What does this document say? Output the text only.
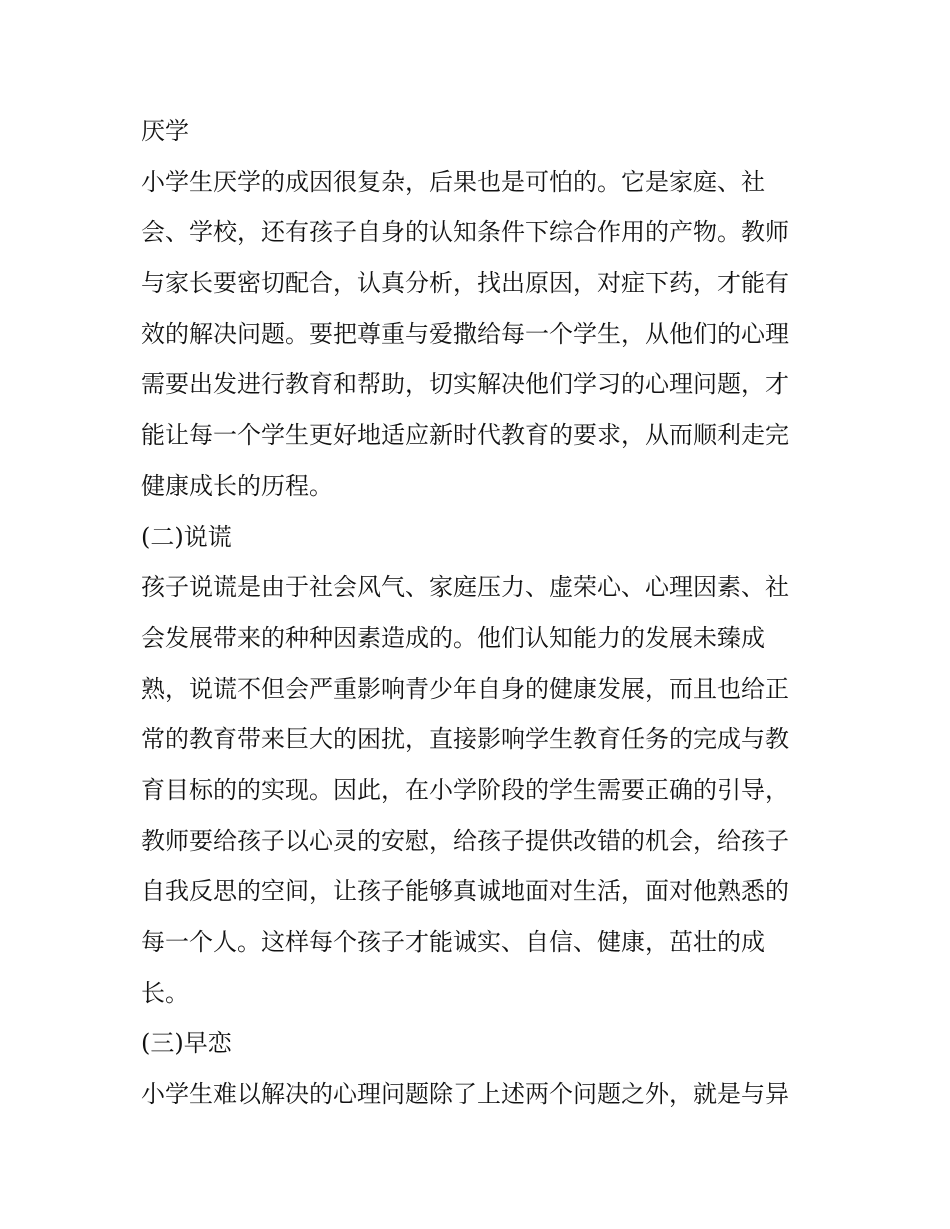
厌学
小学生厌学的成因很复杂，后果也是可怕的。它是家庭、社
会、学校，还有孩子自身的认知条件下综合作用的产物。教师
与家长要密切配合，认真分析，找出原因，对症下药，才能有
效的解决问题。要把尊重与爱撒给每一个学生，从他们的心理
需要出发进行教育和帮助，切实解决他们学习的心理问题，才
能让每一个学生更好地适应新时代教育的要求，从而顺利走完
健康成长的历程。
(二)说谎
孩子说谎是由于社会风气、家庭压力、虚荣心、心理因素、社
会发展带来的种种因素造成的。他们认知能力的发展未臻成
熟，说谎不但会严重影响青少年自身的健康发展，而且也给正
常的教育带来巨大的困扰，直接影响学生教育任务的完成与教
育目标的的实现。因此，在小学阶段的学生需要正确的引导，
教师要给孩子以心灵的安慰，给孩子提供改错的机会，给孩子
自我反思的空间，让孩子能够真诚地面对生活，面对他熟悉的
每一个人。这样每个孩子才能诚实、自信、健康，茁壮的成
长。
(三)早恋
小学生难以解决的心理问题除了上述两个问题之外，就是与异
